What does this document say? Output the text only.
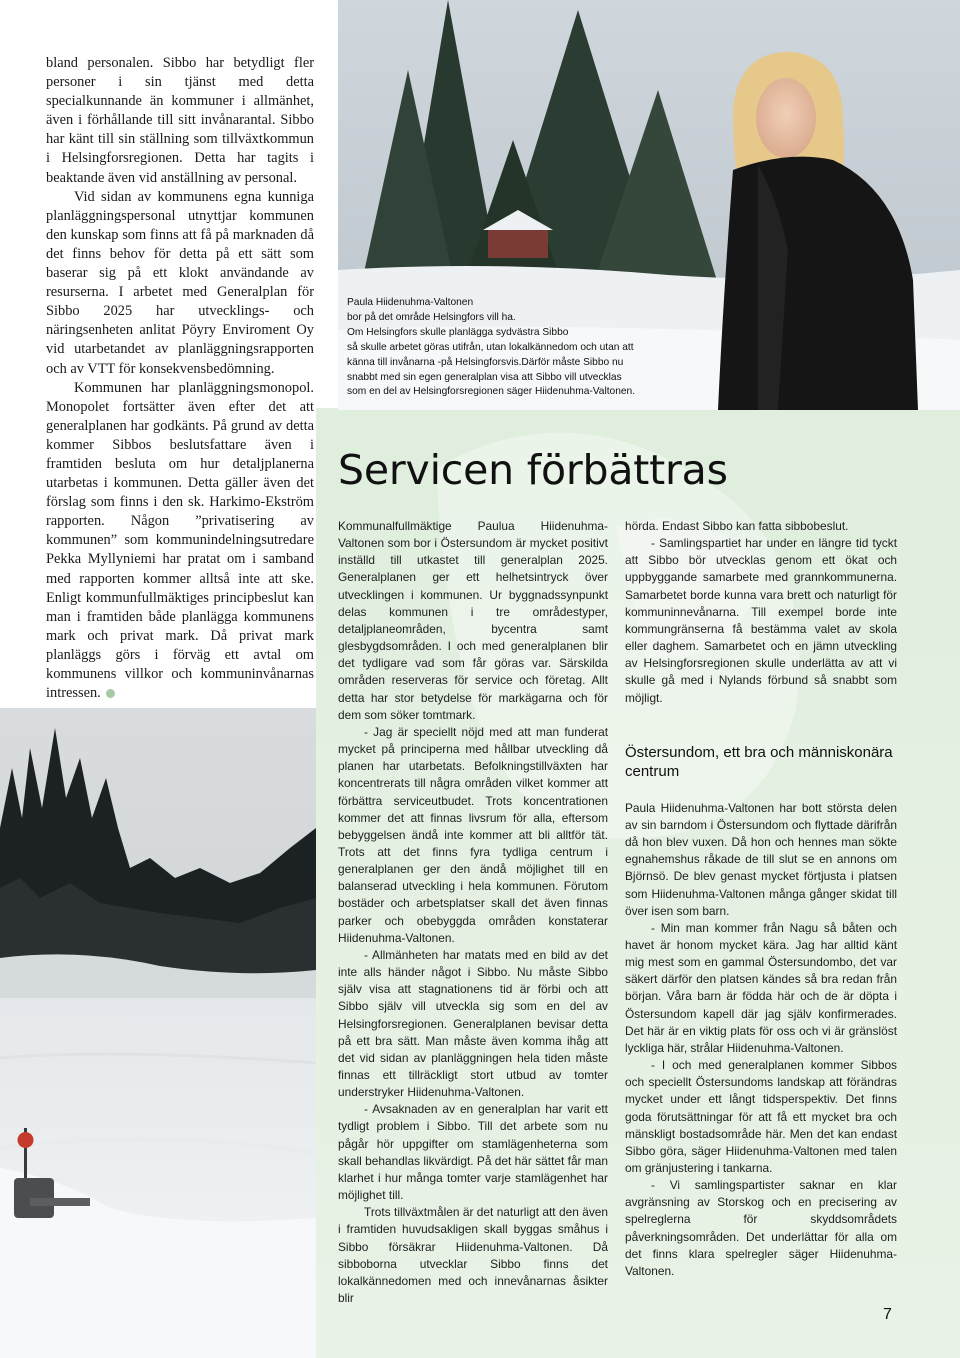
bland personalen. Sibbo har betydligt fler personer i sin tjänst med detta specialkunnande än kommuner i allmänhet, även i förhållande till sitt invånarantal. Sibbo har känt till sin ställning som tillväxtkommun i Helsingforsregionen. Detta har tagits i beaktande även vid anställning av personal.

Vid sidan av kommunens egna kunniga planläggningspersonal utnyttjar kommunen den kunskap som finns att få på marknaden då det finns behov för detta på ett sätt som baserar sig på ett klokt användande av resurserna. I arbetet med Generalplan för Sibbo 2025 har utvecklings- och näringsenheten anlitat Pöyry Enviroment Oy vid utarbetandet av planläggningsrapporten och av VTT för konsekvensbedömning.

Kommunen har planläggningsmonopol. Monopolet fortsätter även efter det att generalplanen har godkänts. På grund av detta kommer Sibbos beslutsfattare även i framtiden besluta om hur detaljplanerna utarbetas i kommunen. Detta gäller även det förslag som finns i den sk. Harkimo-Ekström rapporten. Någon ”privatisering av kommunen” som kommunindelningsutredare Pekka Myllyniemi har pratat om i samband med rapporten kommer alltså inte att ske. Enligt kommunfullmäktiges principbeslut kan man i framtiden både planlägga kommunens mark och privat mark. Då privat mark planläggs görs i förväg ett avtal om kommunens villkor och kommuninvånarnas intressen.

Paula Hiidenuhma-Valtonen
bor på det område Helsingfors vill ha.
Om Helsingfors skulle planlägga sydvästra Sibbo
så skulle arbetet göras utifrån, utan lokalkännedom och utan att
känna till invånarna -på Helsingforsvis.Därför måste Sibbo nu
snabbt med sin egen generalplan visa att Sibbo vill utvecklas
som en del av Helsingforsregionen säger Hiidenuhma-Valtonen.
Servicen förbättras

Kommunalfullmäktige Paulua Hiidenuhma-Valtonen som bor i Östersundom är mycket positivt inställd till utkastet till generalplan 2025. Generalplanen ger ett helhetsintryck över utvecklingen i kommunen. Ur byggnadssynpunkt delas kommunen i tre områdestyper, detaljplaneområden, bycentra samt glesbygdsområden. I och med generalplanen blir det tydligare vad som får göras var. Särskilda områden reserveras för service och företag. Allt detta har stor betydelse för markägarna och för dem som söker tomtmark.

- Jag är speciellt nöjd med att man funderat mycket på principerna med hållbar utveckling då planen har utarbetats. Befolkningstillväxten har koncentrerats till några områden vilket kommer att förbättra serviceutbudet. Trots koncentrationen kommer det att finnas livsrum för alla, eftersom bebyggelsen ändå inte kommer att bli alltför tät. Trots att det finns fyra tydliga centrum i generalplanen ger den ändå möjlighet till en balanserad utveckling i hela kommunen. Förutom bostäder och arbetsplatser skall det även finnas parker och obebyggda områden konstaterar Hiidenuhma-Valtonen.

- Allmänheten har matats med en bild av det inte alls händer något i Sibbo. Nu måste Sibbo själv visa att stagnationens tid är förbi och att Sibbo själv vill utveckla sig som en del av Helsingforsregionen. Generalplanen bevisar detta på ett bra sätt. Man måste även komma ihåg att det vid sidan av planläggningen hela tiden måste finnas ett tillräckligt stort utbud av tomter understryker Hiidenuhma-Valtonen.

- Avsaknaden av en generalplan har varit ett tydligt problem i Sibbo. Till det arbete som nu pågår hör uppgifter om stamlägenheterna som skall behandlas likvärdigt. På det här sättet får man klarhet i hur många tomter varje stamlägenhet har möjlighet till.

Trots tillväxtmålen är det naturligt att den även i framtiden huvudsakligen skall byggas småhus i Sibbo försäkrar Hiidenuhma-Valtonen. Då sibboborna utvecklar Sibbo finns det lokalkännedomen med och innevånarnas åsikter blir

hörda. Endast Sibbo kan fatta sibbobeslut.

- Samlingspartiet har under en längre tid tyckt att Sibbo bör utvecklas genom ett ökat och uppbyggande samarbete med grannkommunerna. Samarbetet borde kunna vara brett och naturligt för kommuninnevånarna. Till exempel borde inte kommungränserna få bestämma valet av skola eller daghem. Samarbetet och en jämn utveckling av Helsingforsregionen skulle underlätta av att vi skulle gå med i Nylands förbund så snabbt som möjligt.

Östersundom, ett bra och människonära centrum

Paula Hiidenuhma-Valtonen har bott största delen av sin barndom i Östersundom och flyttade därifrån då hon blev vuxen. Då hon och hennes man sökte egnahemshus råkade de till slut se en annons om Björnsö. De blev genast mycket förtjusta i platsen som Hiidenuhma-Valtonen många gånger skidat till över isen som barn.

- Min man kommer från Nagu så båten och havet är honom mycket kära. Jag har alltid känt mig mest som en gammal Östersundombo, det var säkert därför den platsen kändes så bra redan från början. Våra barn är födda här och de är döpta i Östersundom kapell där jag själv konfirmerades. Det här är en viktig plats för oss och vi är gränslöst lyckliga här, strålar Hiidenuhma-Valtonen.

- I och med generalplanen kommer Sibbos och speciellt Östersundoms landskap att förändras mycket under ett långt tidsperspektiv. Det finns goda förutsättningar för att få ett mycket bra och mänskligt bostadsområde här. Men det kan endast Sibbo göra, säger Hiidenuhma-Valtonen med talen om gränjustering i tankarna.

- Vi samlingspartister saknar en klar avgränsning av Storskog och en precisering av spelreglerna för skyddsområdets påverkningsområden. Det underlättar för alla om det finns klara spelregler säger Hiidenuhma-Valtonen.

7
